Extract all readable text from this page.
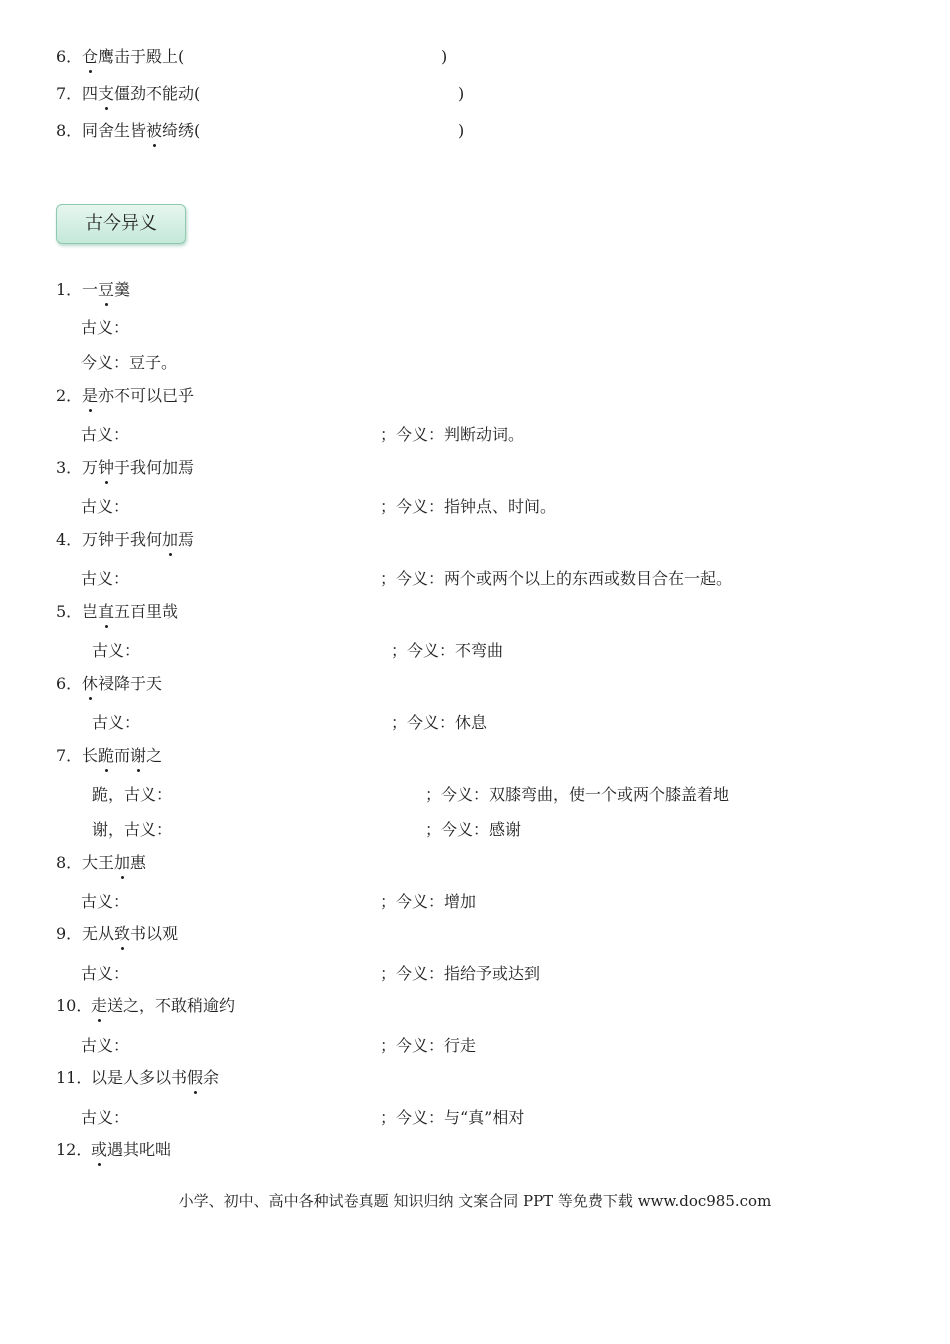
6． 仓鹰击于殿上(	)
7． 四支僵劲不能动(	)
8． 同舍生皆被绮绣(	)
古今异义
1． 一豆羹
古义：
今义：豆子。
2． 是亦不可以已乎
古义：	；今义：判断动词。
3． 万钟于我何加焉
古义：	；今义：指钟点、时间。
4． 万钟于我何加焉
古义：	；今义：两个或两个以上的东西或数目合在一起。
5． 岂直五百里哉
古义：	；今义：不弯曲
6． 休祲降于天
古义：	；今义：休息
7． 长跪而谢之
跪，古义：	；今义：双膝弯曲，使一个或两个膝盖着地
谢，古义：	；今义：感谢
8． 大王加惠
古义：	；今义：增加
9． 无从致书以观
古义：	；今义：指给予或达到
10．
走送之，不敢稍逾约
古义：	；今义：行走
11．
以是人多以书假余
古义：	；今义：与“真”相对
12．
或遇其叱咄
小学、初中、高中各种试卷真题 知识归纳 文案合同 PPT 等免费下载 www.doc985.com
